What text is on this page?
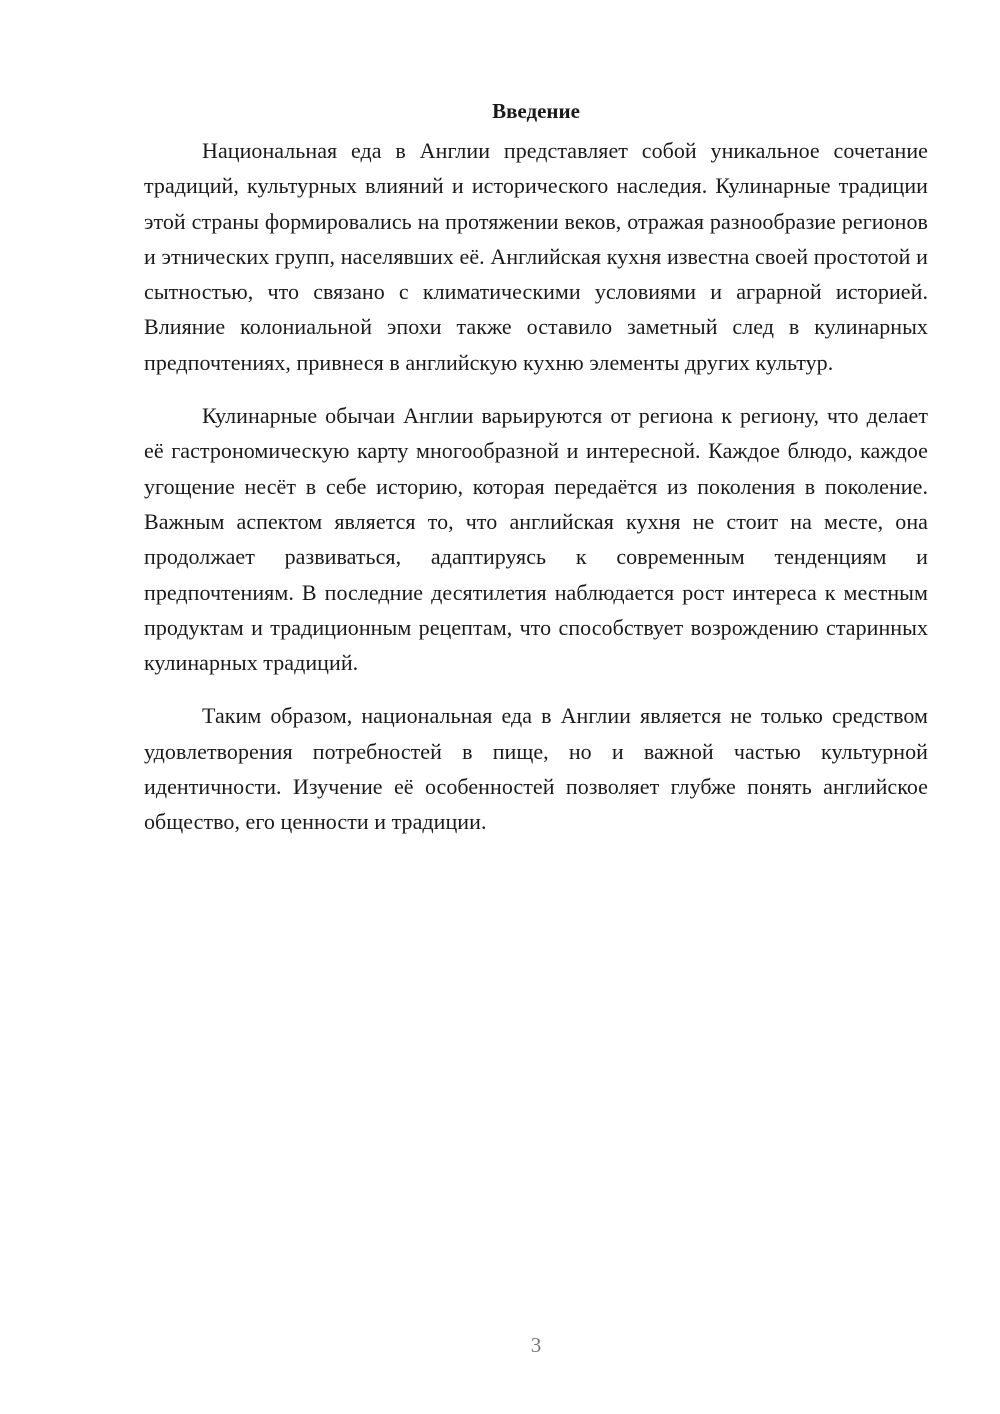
Введение

Национальная еда в Англии представляет собой уникальное сочетание традиций, культурных влияний и исторического наследия. Кулинарные традиции этой страны формировались на протяжении веков, отражая разнообразие регионов и этнических групп, населявших её. Английская кухня известна своей простотой и сытностью, что связано с климатическими условиями и аграрной историей. Влияние колониальной эпохи также оставило заметный след в кулинарных предпочтениях, привнеся в английскую кухню элементы других культур.

Кулинарные обычаи Англии варьируются от региона к региону, что делает её гастрономическую карту многообразной и интересной. Каждое блюдо, каждое угощение несёт в себе историю, которая передаётся из поколения в поколение. Важным аспектом является то, что английская кухня не стоит на месте, она продолжает развиваться, адаптируясь к современным тенденциям и предпочтениям. В последние десятилетия наблюдается рост интереса к местным продуктам и традиционным рецептам, что способствует возрождению старинных кулинарных традиций.

Таким образом, национальная еда в Англии является не только средством удовлетворения потребностей в пище, но и важной частью культурной идентичности. Изучение её особенностей позволяет глубже понять английское общество, его ценности и традиции.

3
